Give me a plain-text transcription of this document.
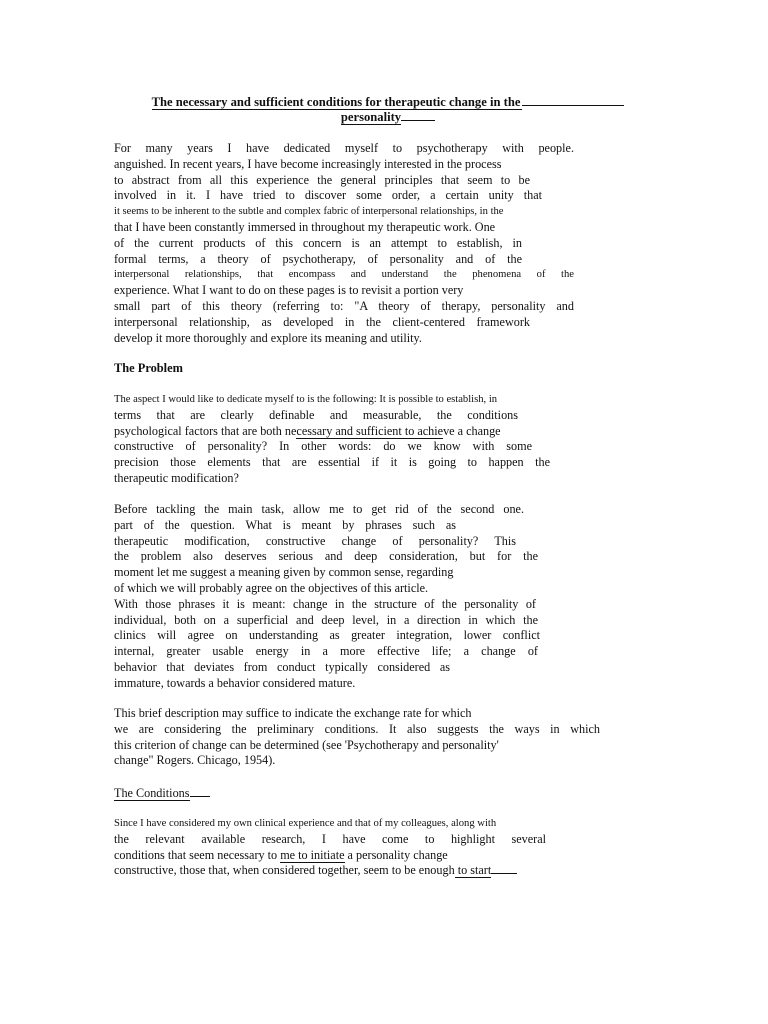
The necessary and sufficient conditions for therapeutic change in the
personality
For many years I have dedicated myself to psychotherapy with people.
anguished. In recent years, I have become increasingly interested in the process
to abstract from all this experience the general principles that seem to be
involved in it. I have tried to discover some order, a certain unity that
it seems to be inherent to the subtle and complex fabric of interpersonal relationships, in the
that I have been constantly immersed in throughout my therapeutic work. One
of the current products of this concern is an attempt to establish, in
formal terms, a theory of psychotherapy, of personality and of the
interpersonal relationships, that encompass and understand the phenomena of the
experience. What I want to do on these pages is to revisit a portion very
small part of this theory (referring to: "A theory of therapy, personality and
interpersonal relationship, as developed in the client-centered framework
develop it more thoroughly and explore its meaning and utility.
The Problem
The aspect I would like to dedicate myself to is the following: It is possible to establish, in
terms that are clearly definable and measurable, the conditions
psychological factors that are both necessary and sufficient to achieve a change
constructive of personality? In other words: do we know with some
precision those elements that are essential if it is going to happen the
therapeutic modification?
Before tackling the main task, allow me to get rid of the second one.
part of the question. What is meant by phrases such as
therapeutic modification, constructive change of personality? This
the problem also deserves serious and deep consideration, but for the
moment let me suggest a meaning given by common sense, regarding
of which we will probably agree on the objectives of this article.
With those phrases it is meant: change in the structure of the personality of
individual, both on a superficial and deep level, in a direction in which the
clinics will agree on understanding as greater integration, lower conflict
internal, greater usable energy in a more effective life; a change of
behavior that deviates from conduct typically considered as
immature, towards a behavior considered mature.
This brief description may suffice to indicate the exchange rate for which
we are considering the preliminary conditions. It also suggests the ways in which
this criterion of change can be determined (see 'Psychotherapy and personality'
change" Rogers. Chicago, 1954).
The Conditions
Since I have considered my own clinical experience and that of my colleagues, along with
the relevant available research, I have come to highlight several
conditions that seem necessary to me to initiate a personality change
constructive, those that, when considered together, seem to be enough to start
